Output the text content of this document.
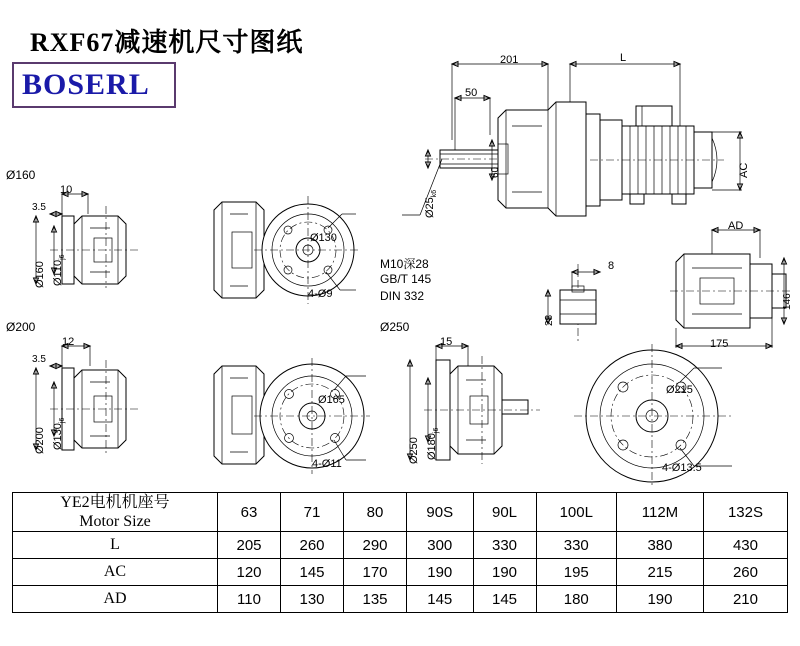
RXF67减速机尺寸图纸
BOSERL
201	L
50
$Ø25_{k6}$
60	AC
M10深28
GB/T 145
DIN 332
8
28
AD
146
175
Ø160
10
3.5
Ø160 $Ø110_{j6}$
Ø130
4-Ø9
Ø200
12
3.5
Ø200 $Ø130_{j6}$
Ø165
4-Ø11
Ø250
15
Ø250 $Ø180_{j6}$
Ø215
4-Ø13.5
YE2电机机座号
Motor Size	63	71	80	90S	90L	100L	112M	132S
L	205	260	290	300	330	330	380	430
AC	120	145	170	190	190	195	215	260
AD	110	130	135	145	145	180	190	210
